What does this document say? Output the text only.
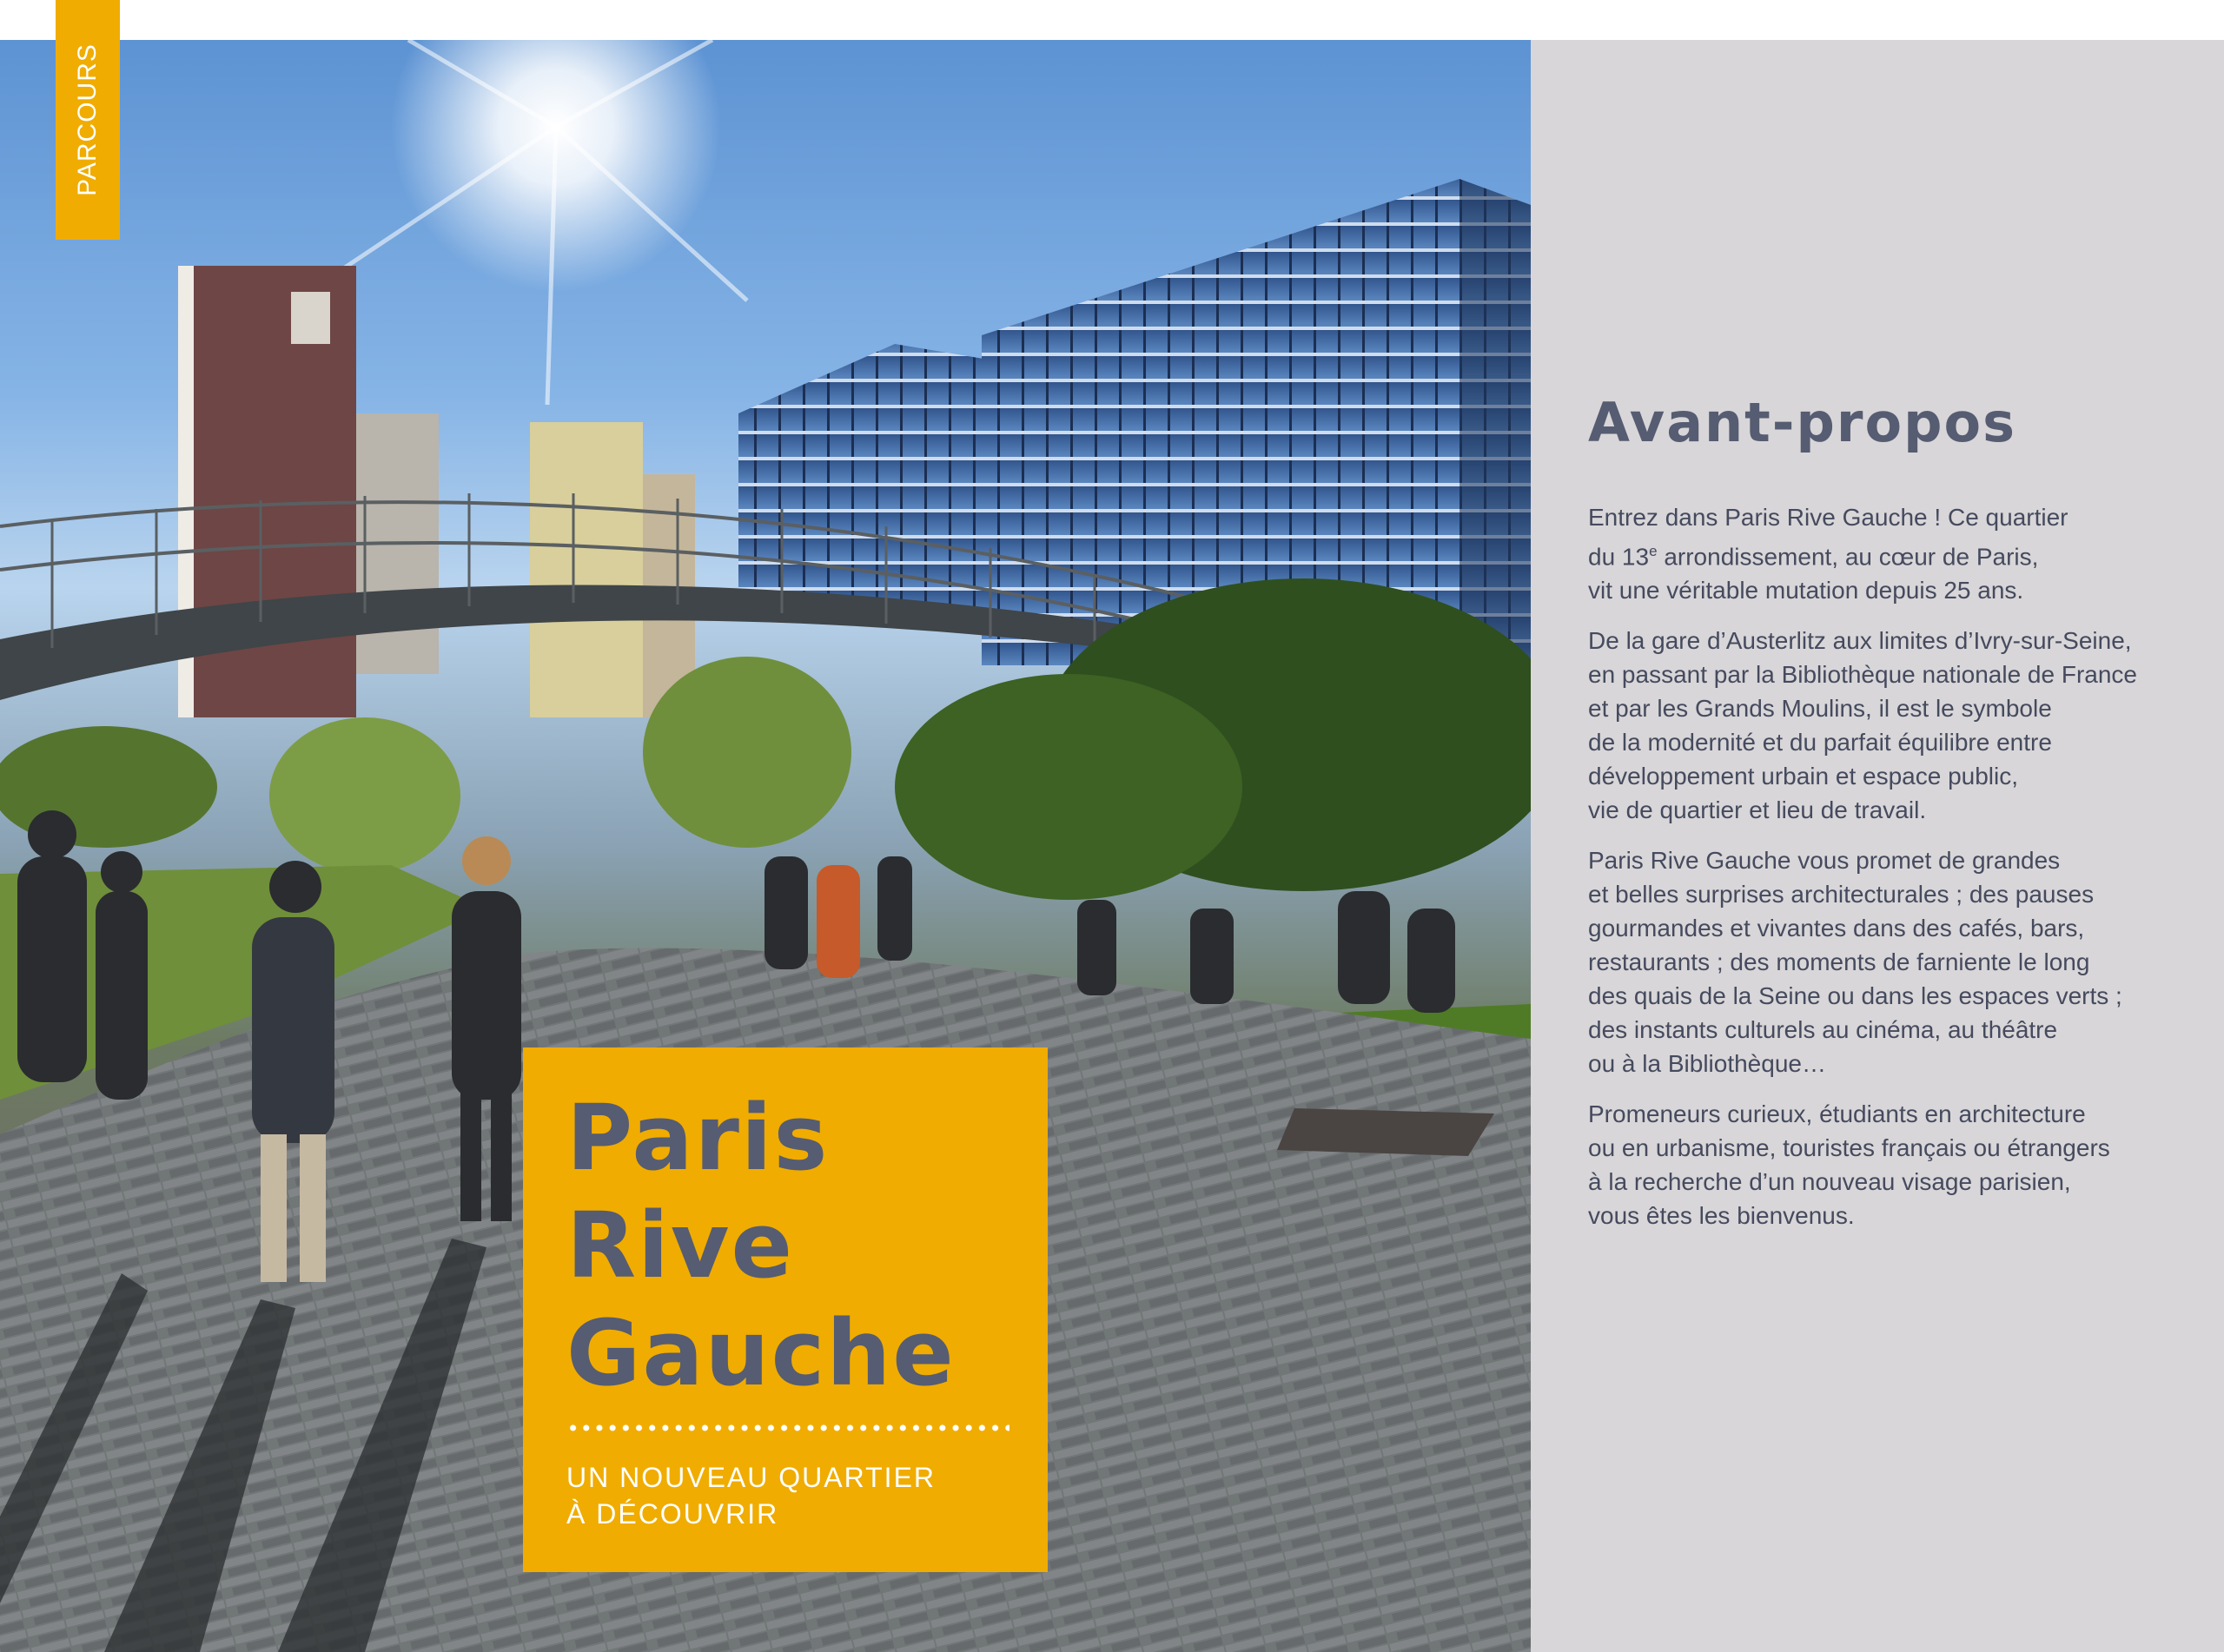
Avant-propos

Entrez dans Paris Rive Gauche ! Ce quartier
du 13e arrondissement, au cœur de Paris,
vit une véritable mutation depuis 25 ans.

De la gare d’Austerlitz aux limites d’Ivry-sur-Seine,
en passant par la Bibliothèque nationale de France
et par les Grands Moulins, il est le symbole
de la modernité et du parfait équilibre entre
développement urbain et espace public,
vie de quartier et lieu de travail.

Paris Rive Gauche vous promet de grandes
et belles surprises architecturales ; des pauses
gourmandes et vivantes dans des cafés, bars,
restaurants ; des moments de farniente le long
des quais de la Seine ou dans les espaces verts ;
des instants culturels au cinéma, au théâtre
ou à la Bibliothèque…

Promeneurs curieux, étudiants en architecture
ou en urbanisme, touristes français ou étrangers
à la recherche d’un nouveau visage parisien,
vous êtes les bienvenus.

PARCOURS
Paris
Rive
Gauche
UN NOUVEAU QUARTIER
À DÉCOUVRIR
